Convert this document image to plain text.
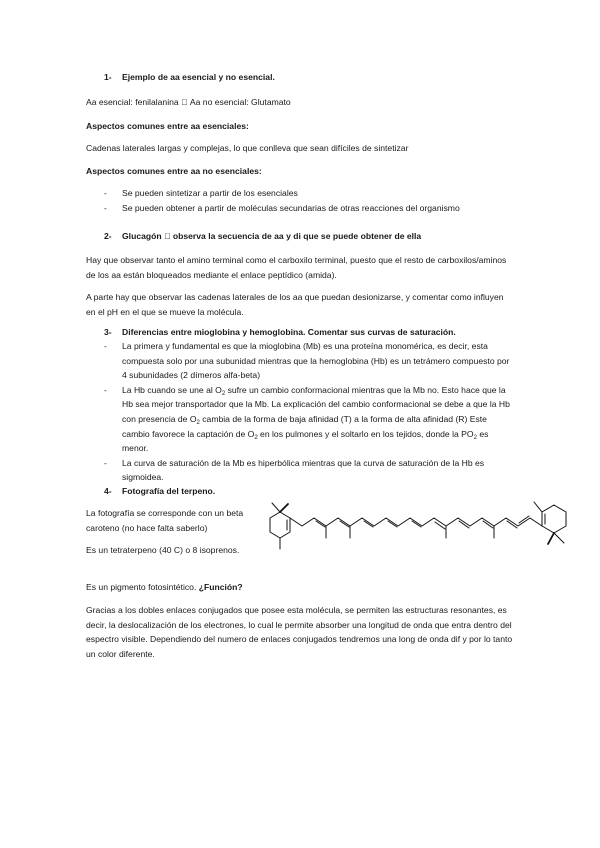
1- Ejemplo de aa esencial y no esencial.

Aa esencial: fenilalanina Aa no esencial: Glutamato

Aspectos comunes entre aa esenciales:

Cadenas laterales largas y complejas, lo que conlleva que sean difíciles de sintetizar

Aspectos comunes entre aa no esenciales:

- Se pueden sintetizar a partir de los esenciales
- Se pueden obtener a partir de moléculas secundarias de otras reacciones del organismo
2- Glucagón observa la secuencia de aa y di que se puede obtener de ella

Hay que observar tanto el amino terminal como el carboxilo terminal, puesto que el resto de carboxilos/aminos de los aa están bloqueados mediante el enlace peptídico (amida).

A parte hay que observar las cadenas laterales de los aa que puedan desionizarse, y comentar como influyen en el pH en el que se mueve la molécula.

3- Diferencias entre mioglobina y hemoglobina. Comentar sus curvas de saturación.
- La primera y fundamental es que la mioglobina (Mb) es una proteína monomérica, es decir, esta compuesta solo por una subunidad mientras que la hemoglobina (Hb) es un tetrámero compuesto por 4 subunidades (2 dímeros alfa-beta)
- La Hb cuando se une al $O_2$ sufre un cambio conformacional mientras que la Mb no. Esto hace que la Hb sea mejor transportador que la Mb. La explicación del cambio conformacional se debe a que la Hb con presencia de $O_2$ cambia de la forma de baja afinidad (T) a la forma de alta afinidad (R) Este cambio favorece la captación de $O_2$ en los pulmones y el soltarlo en los tejidos, donde la $PO_2$ es menor.
- La curva de saturación de la Mb es hiperbólica mientras que la curva de saturación de la Hb es sigmoidea.
4- Fotografía del terpeno.

La fotografía se corresponde con un beta caroteno (no hace falta saberlo)

Es un tetraterpeno (40 C) o 8 isoprenos.

Es un pigmento fotosintético. ¿Función?

Gracias a los dobles enlaces conjugados que posee esta molécula, se permiten las estructuras resonantes, es decir, la deslocalización de los electrones, lo cual le permite absorber una longitud de onda que entra dentro del espectro visible. Dependiendo del numero de enlaces conjugados tendremos una long de onda dif y por lo tanto un color diferente.
